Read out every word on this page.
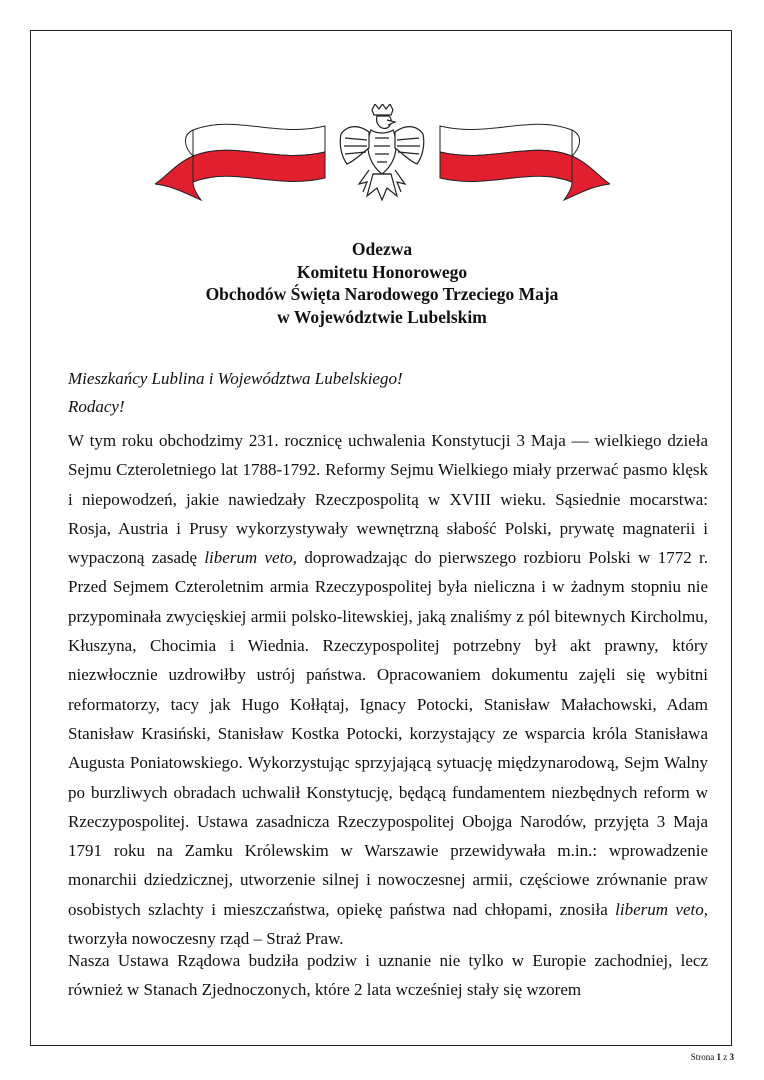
Odezwa
Komitetu Honorowego
Obchodów Święta Narodowego Trzeciego Maja
w Województwie Lubelskim
Mieszkańcy Lublina i Województwa Lubelskiego!
Rodacy!
W tym roku obchodzimy 231. rocznicę uchwalenia Konstytucji 3 Maja — wielkiego dzieła Sejmu Czteroletniego lat 1788-1792. Reformy Sejmu Wielkiego miały przerwać pasmo klęsk i niepowodzeń, jakie nawiedzały Rzeczpospolitą w XVIII wieku. Sąsiednie mocarstwa: Rosja, Austria i Prusy wykorzystywały wewnętrzną słabość Polski, prywatę magnaterii i wypaczoną zasadę liberum veto, doprowadzając do pierwszego rozbioru Polski w 1772 r. Przed Sejmem Czteroletnim armia Rzeczypospolitej była nieliczna i w żadnym stopniu nie przypominała zwycięskiej armii polsko-litewskiej, jaką znaliśmy z pól bitewnych Kircholmu, Kłuszyna, Chocimia i Wiednia. Rzeczypospolitej potrzebny był akt prawny, który niezwłocznie uzdrowiłby ustrój państwa. Opracowaniem dokumentu zajęli się wybitni reformatorzy, tacy jak Hugo Kołłątaj, Ignacy Potocki, Stanisław Małachowski, Adam Stanisław Krasiński, Stanisław Kostka Potocki, korzystający ze wsparcia króla Stanisława Augusta Poniatowskiego. Wykorzystując sprzyjającą sytuację międzynarodową, Sejm Walny po burzliwych obradach uchwalił Konstytucję, będącą fundamentem niezbędnych reform w Rzeczypospolitej. Ustawa zasadnicza Rzeczypospolitej Obojga Narodów, przyjęta 3 Maja 1791 roku na Zamku Królewskim w Warszawie przewidywała m.in.: wprowadzenie monarchii dziedzicznej, utworzenie silnej i nowoczesnej armii, częściowe zrównanie praw osobistych szlachty i mieszczaństwa, opiekę państwa nad chłopami, znosiła liberum veto, tworzyła nowoczesny rząd – Straż Praw.
Nasza Ustawa Rządowa budziła podziw i uznanie nie tylko w Europie zachodniej, lecz również w Stanach Zjednoczonych, które 2 lata wcześniej stały się wzorem
Strona 1 z 3
